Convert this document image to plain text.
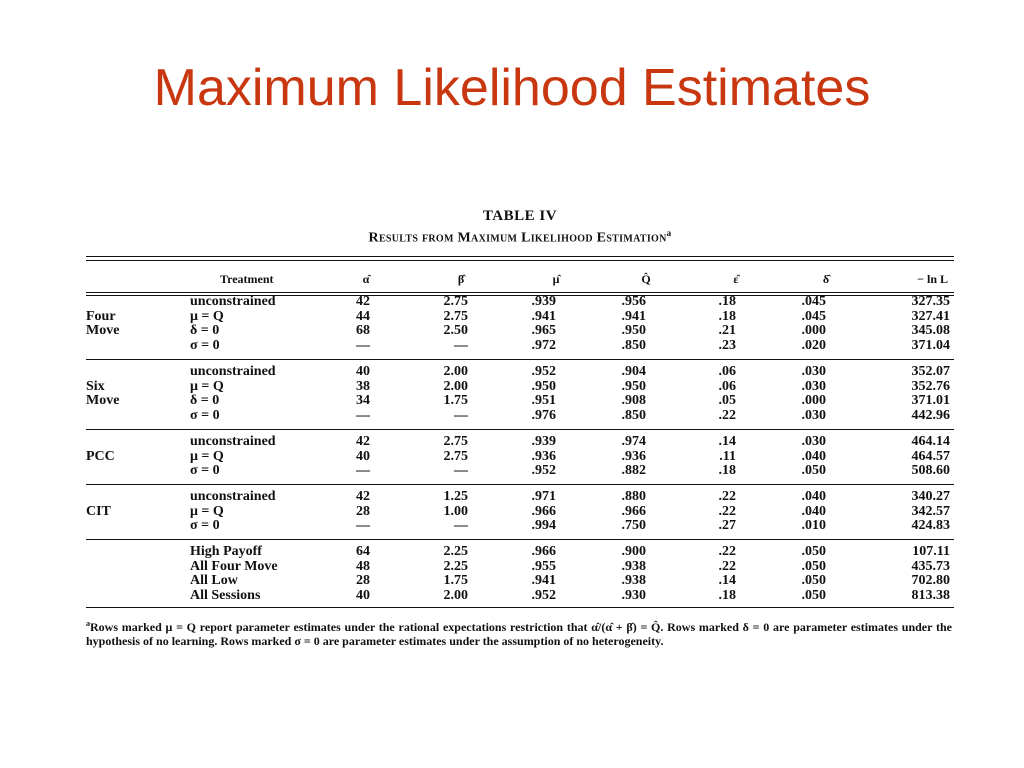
Maximum Likelihood Estimates
TABLE IV
Results from Maximum Likelihood Estimation$^a$
Treatment	α̂	β̂	μ̂	Q̂	ε̂	δ̂	− ln L
$^a$Rows marked μ = Q report parameter estimates under the rational expectations restriction that α̂/(α̂ + β̂) = Q̂. Rows marked δ = 0 are parameter estimates under the hypothesis of no learning. Rows marked σ = 0 are parameter estimates under the assumption of no heterogeneity.
Four
Move
unconstrained	42	2.75	.939	.956	.18	.045	327.35
μ = Q	44	2.75	.941	.941	.18	.045	327.41
δ = 0	68	2.50	.965	.950	.21	.000	345.08
σ = 0	—	—	.972	.850	.23	.020	371.04
Six
Move
unconstrained	40	2.00	.952	.904	.06	.030	352.07
μ = Q	38	2.00	.950	.950	.06	.030	352.76
δ = 0	34	1.75	.951	.908	.05	.000	371.01
σ = 0	—	—	.976	.850	.22	.030	442.96
PCC
unconstrained	42	2.75	.939	.974	.14	.030	464.14
μ = Q	40	2.75	.936	.936	.11	.040	464.57
σ = 0	—	—	.952	.882	.18	.050	508.60
CIT
unconstrained	42	1.25	.971	.880	.22	.040	340.27
μ = Q	28	1.00	.966	.966	.22	.040	342.57
σ = 0	—	—	.994	.750	.27	.010	424.83
High Payoff	64	2.25	.966	.900	.22	.050	107.11
All Four Move	48	2.25	.955	.938	.22	.050	435.73
All Low	28	1.75	.941	.938	.14	.050	702.80
All Sessions	40	2.00	.952	.930	.18	.050	813.38
